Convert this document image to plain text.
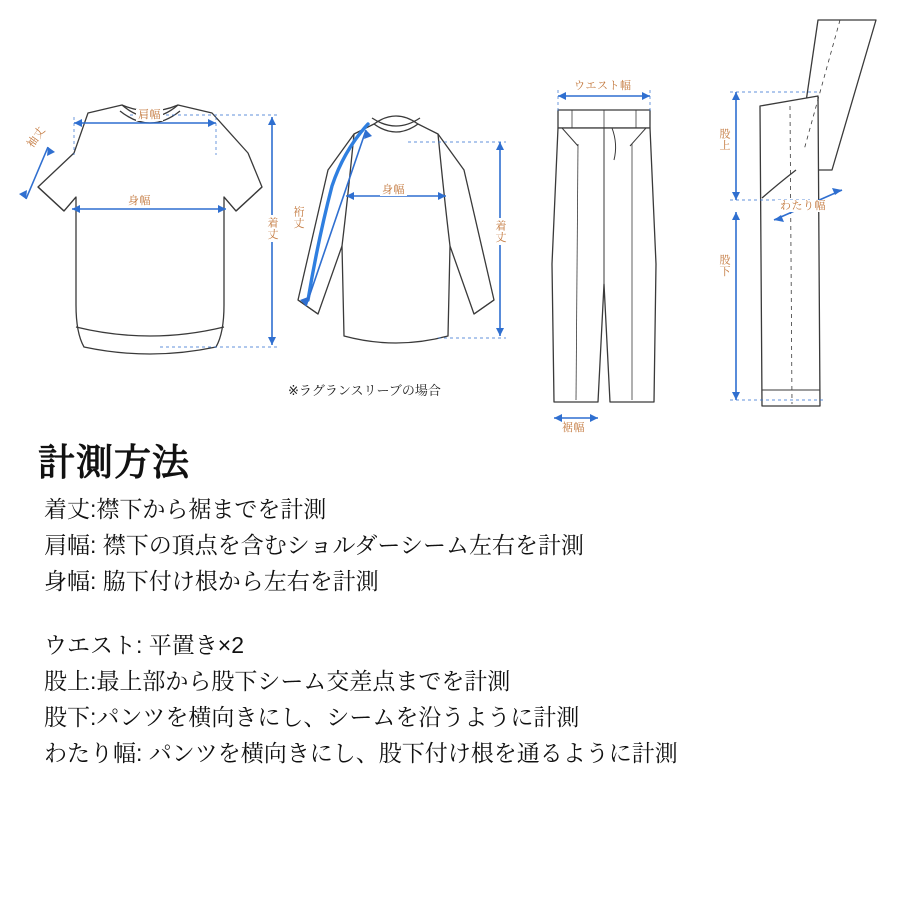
肩幅
袖丈
身幅
着丈 裄丈
身幅
着丈
※ラグランスリーブの場合
ウエスト幅
裾幅
股上
わたり幅
股下
計測方法
着丈:襟下から裾までを計測
肩幅: 襟下の頂点を含むショルダーシーム左右を計測
身幅: 脇下付け根から左右を計測
ウエスト: 平置き×2
股上:最上部から股下シーム交差点までを計測
股下:パンツを横向きにし、シームを沿うように計測
わたり幅: パンツを横向きにし、股下付け根を通るように計測
